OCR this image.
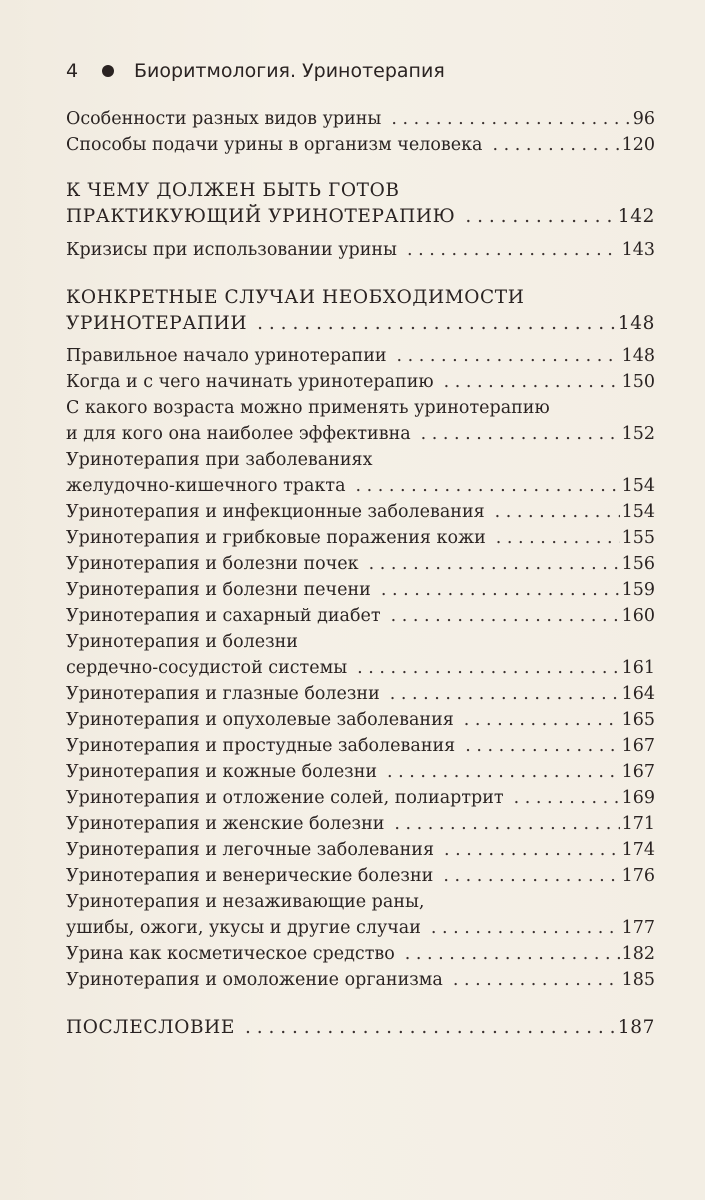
4	Биоритмология. Уринотерапия
Особенности разных видов урины . . .	96
Способы подачи урины в организм человека . . .	120
К ЧЕМУ ДОЛЖЕН БЫТЬ ГОТОВ
ПРАКТИКУЮЩИЙ УРИНОТЕРАПИЮ . . .	142
Кризисы при использовании урины . . .	143
КОНКРЕТНЫЕ СЛУЧАИ НЕОБХОДИМОСТИ
УРИНОТЕРАПИИ . . .	148
Правильное начало уринотерапии . . .	148
Когда и с чего начинать уринотерапию . . .	150
С какого возраста можно применять уринотерапию
и для кого она наиболее эффективна . . .	152
Уринотерапия при заболеваниях
желудочно-кишечного тракта . . .	154
Уринотерапия и инфекционные заболевания . . .	154
Уринотерапия и грибковые поражения кожи . . .	155
Уринотерапия и болезни почек . . .	156
Уринотерапия и болезни печени . . .	159
Уринотерапия и сахарный диабет . . .	160
Уринотерапия и болезни
сердечно-сосудистой системы . . .	161
Уринотерапия и глазные болезни . . .	164
Уринотерапия и опухолевые заболевания . . .	165
Уринотерапия и простудные заболевания . . .	167
Уринотерапия и кожные болезни . . .	167
Уринотерапия и отложение солей, полиартрит . . .	169
Уринотерапия и женские болезни . . .	171
Уринотерапия и легочные заболевания . . .	174
Уринотерапия и венерические болезни . . .	176
Уринотерапия и незаживающие раны,
ушибы, ожоги, укусы и другие случаи . . .	177
Урина как косметическое средство . . .	182
Уринотерапия и омоложение организма . . .	185
ПОСЛЕСЛОВИЕ . . .	187
